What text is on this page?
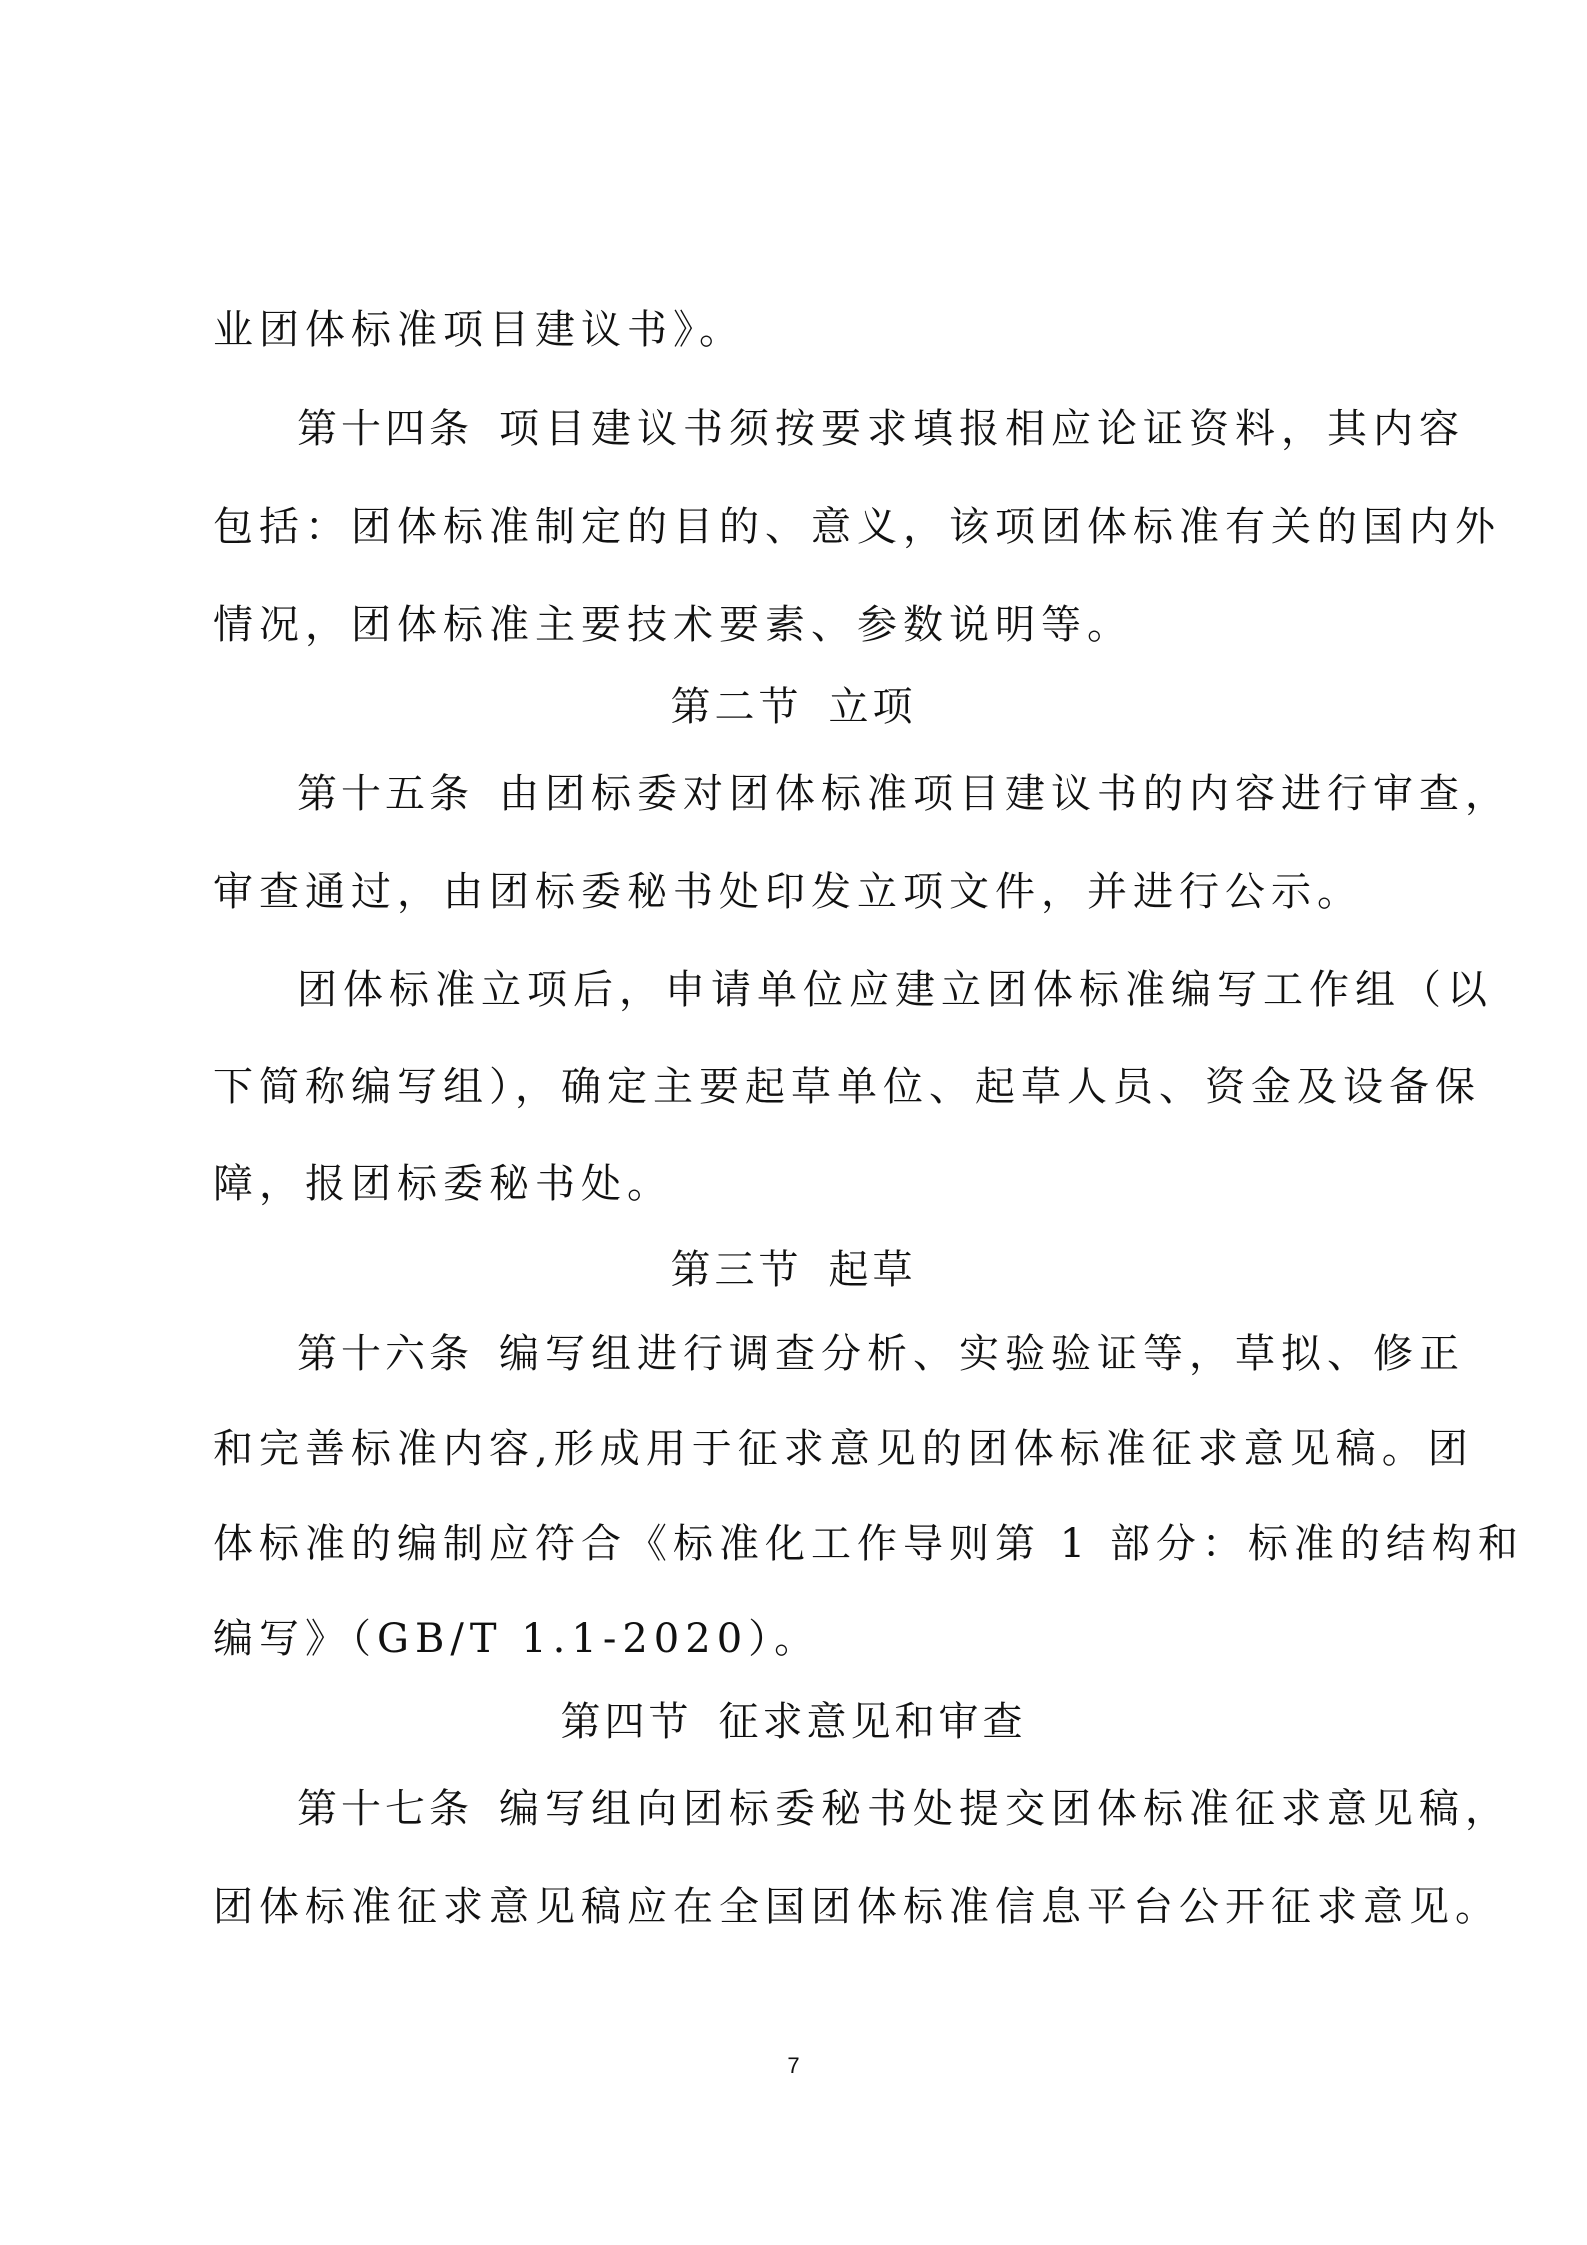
业团体标准项目建议书》。
第十四条 项目建议书须按要求填报相应论证资料，其内容
包括：团体标准制定的目的、意义，该项团体标准有关的国内外
情况，团体标准主要技术要素、参数说明等。
第二节 立项
第十五条 由团标委对团体标准项目建议书的内容进行审查，
审查通过，由团标委秘书处印发立项文件，并进行公示。
团体标准立项后，申请单位应建立团体标准编写工作组（以
下简称编写组），确定主要起草单位、起草人员、资金及设备保
障，报团标委秘书处。
第三节 起草
第十六条 编写组进行调查分析、实验验证等，草拟、修正
和完善标准内容,形成用于征求意见的团体标准征求意见稿。团
体标准的编制应符合《标准化工作导则第 1 部分：标准的结构和
编写》（GB/T 1.1-2020）。
第四节 征求意见和审查
第十七条 编写组向团标委秘书处提交团体标准征求意见稿，
团体标准征求意见稿应在全国团体标准信息平台公开征求意见。
7
